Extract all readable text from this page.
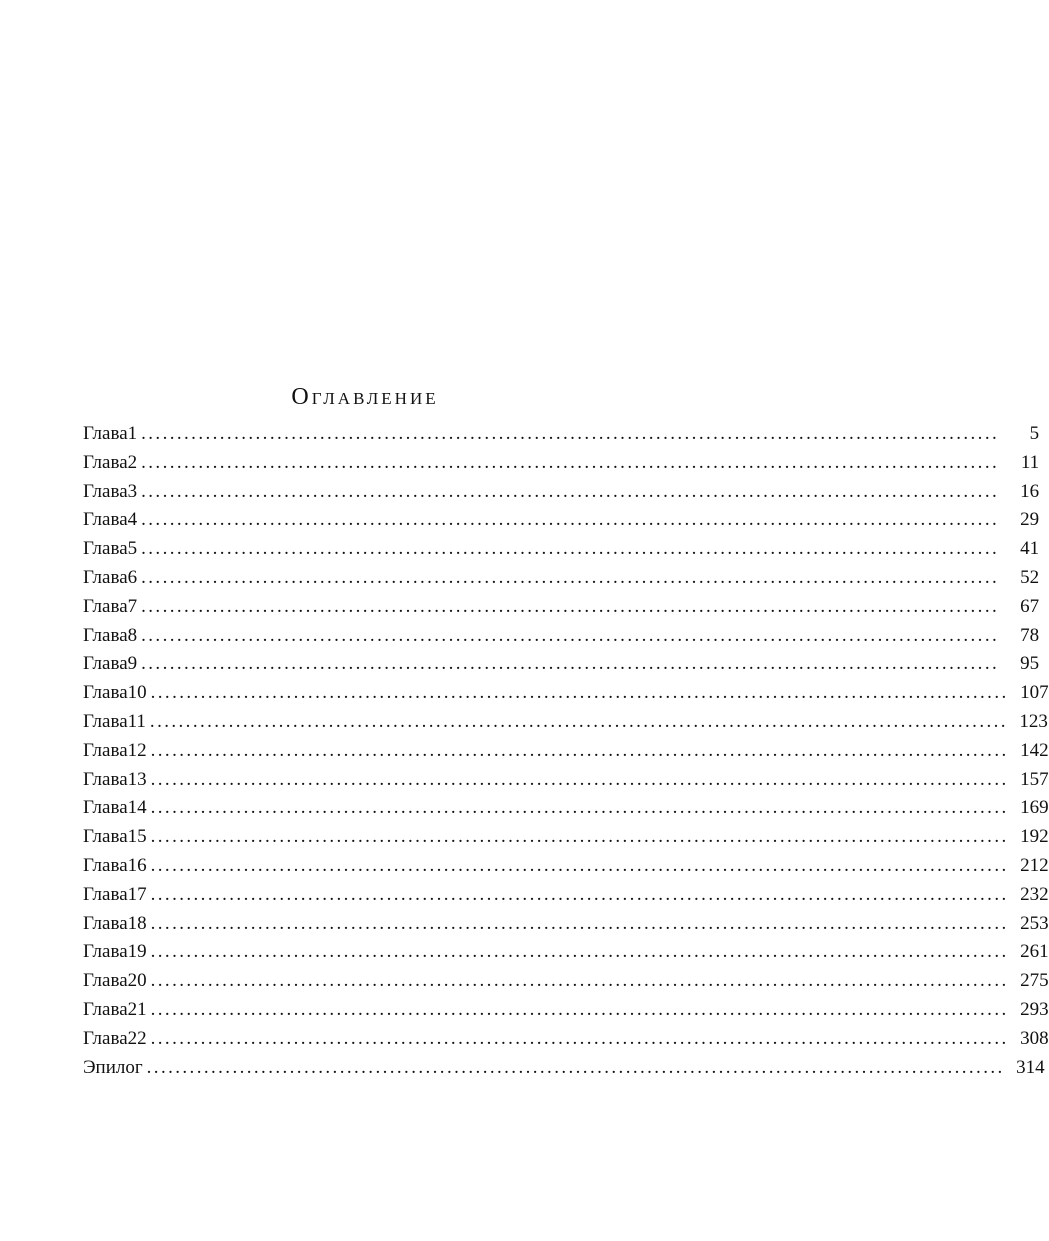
Оглавление
Глава 1 ........................................................................................................................	5
Глава 2 ........................................................................................................................	11
Глава 3 ........................................................................................................................	16
Глава 4 ........................................................................................................................	29
Глава 5 ........................................................................................................................	41
Глава 6 ........................................................................................................................	52
Глава 7 ........................................................................................................................	67
Глава 8 ........................................................................................................................	78
Глава 9 ........................................................................................................................	95
Глава 10 ........................................................................................................................ 107
Глава 11 ........................................................................................................................ 123
Глава 12 ........................................................................................................................ 142
Глава 13 ........................................................................................................................ 157
Глава 14 ........................................................................................................................ 169
Глава 15 ........................................................................................................................ 192
Глава 16 ........................................................................................................................ 212
Глава 17 ........................................................................................................................ 232
Глава 18 ........................................................................................................................ 253
Глава 19 ........................................................................................................................ 261
Глава 20 ........................................................................................................................ 275
Глава 21 ........................................................................................................................ 293
Глава 22 ........................................................................................................................ 308
Эпилог ........................................................................................................................ 314
